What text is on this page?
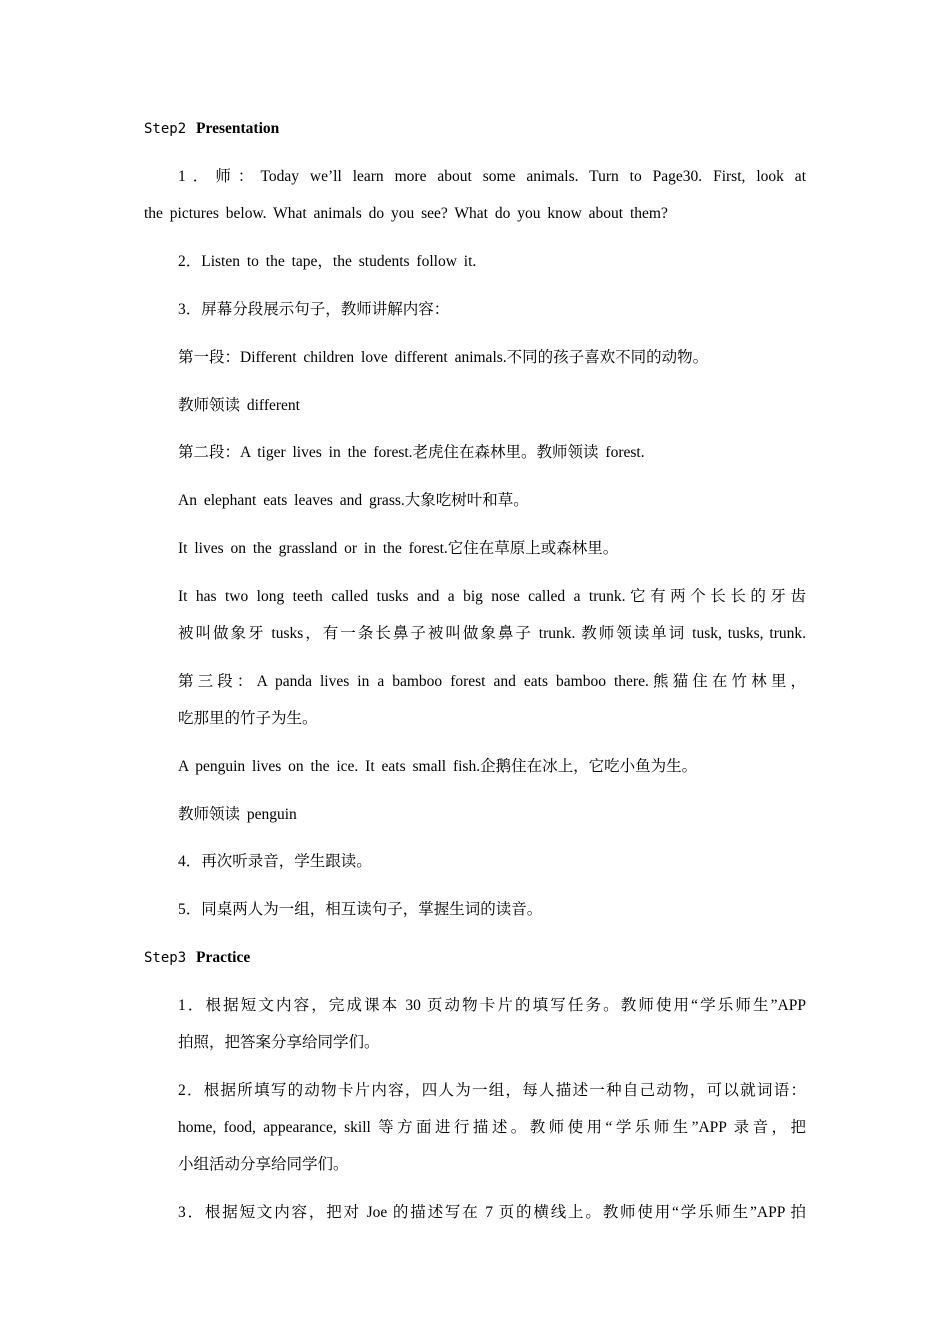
Step2 Presentation
1．师：Today we’ll learn more about some animals. Turn to Page30. First, look at
the pictures below. What animals do you see? What do you know about them?
2．Listen to the tape，the students follow it.
3．屏幕分段展示句子，教师讲解内容：
第一段：Different children love different animals.不同的孩子喜欢不同的动物。
教师领读 different
第二段：A tiger lives in the forest.老虎住在森林里。教师领读 forest.
An elephant eats leaves and grass.大象吃树叶和草。
It lives on the grassland or in the forest.它住在草原上或森林里。
It has two long teeth called tusks and a big nose called a trunk.它有两个长长的牙齿
被叫做象牙 tusks，有一条长鼻子被叫做象鼻子 trunk. 教师领读单词 tusk, tusks, trunk.
第三段：A panda lives in a bamboo forest and eats bamboo there.熊猫住在竹林里，
吃那里的竹子为生。
A penguin lives on the ice. It eats small fish.企鹅住在冰上，它吃小鱼为生。
教师领读 penguin
4．再次听录音，学生跟读。
5．同桌两人为一组，相互读句子，掌握生词的读音。
Step3 Practice
1．根据短文内容，完成课本 30 页动物卡片的填写任务。教师使用“学乐师生”APP
拍照，把答案分享给同学们。
2．根据所填写的动物卡片内容，四人为一组，每人描述一种自己动物，可以就词语：
home, food, appearance, skill 等方面进行描述。教师使用“学乐师生”APP 录音，把
小组活动分享给同学们。
3．根据短文内容，把对 Joe 的描述写在 7 页的横线上。教师使用“学乐师生”APP 拍
